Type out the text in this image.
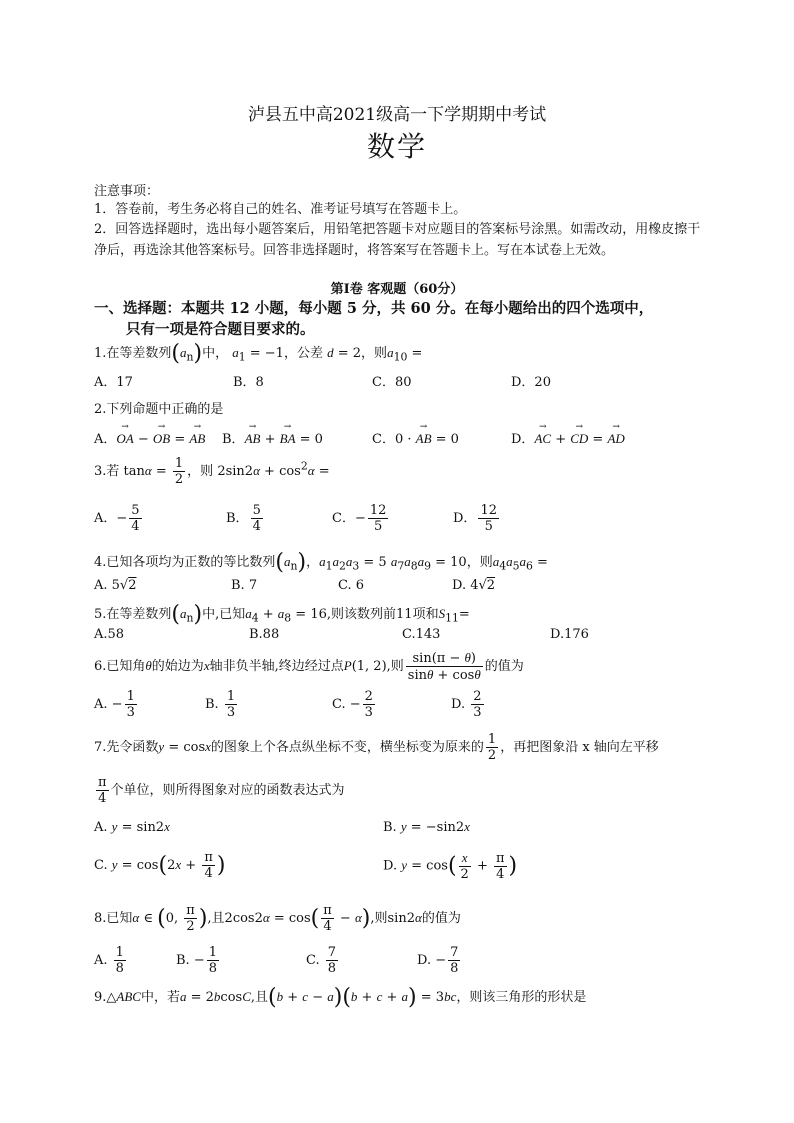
泸县五中高2021级高一下学期期中考试
数学
注意事项：
1．答卷前，考生务必将自己的姓名、准考证号填写在答题卡上。
2．回答选择题时，选出每小题答案后，用铅笔把答题卡对应题目的答案标号涂黑。如需改动，用橡皮擦干净后，再选涂其他答案标号。回答非选择题时，将答案写在答题卡上。写在本试卷上无效。
第Ⅰ卷 客观题（60分）
一、选择题：本题共 12 小题，每小题 5 分，共 60 分。在每小题给出的四个选项中，
只有一项是符合题目要求的。
1.在等差数列$(a_n)$中， $a_1 = -1$，公差 d = 2，则$a_{10}$ =
A．17	B．8	C．80	D．20
2.下列命题中正确的是
A．→ OA − → OB = → AB B．→ AB + → BA = 0	C．0 · → AB = 0	D．→ AC + → CD = → AD
3.若 $\tan\alpha = \frac{1}{2}$ ，则 $2\sin 2\alpha + \cos^2\alpha$ =
A．− $\frac{5}{4}$	B． $\frac{5}{4}$	C．− $\frac{12}{5}$	D． $\frac{12}{5}$
4.已知各项均为正数的等比数列$(a_n)$，$a_1a_2a_3 = 5$ $a_7a_8a_9 = 10$，则$a_4a_5a_6$ =
A. 5√2	B. 7	C. 6	D. 4√2
5.在等差数列$(a_n)$中,已知$a_4 + a_8 = 16$,则该数列前11项和$S_{11}=$
A.58	B.88	C.143	D.176
6.已知角θ的始边为x轴非负半轴,终边经过点P(1, 2),则 $\frac{\sin(\pi - \theta)}{\sin\theta + \cos\theta}$ 的值为
A. − $\frac{1}{3}$	B. $\frac{1}{3}$	C. − $\frac{2}{3}$	D. $\frac{2}{3}$
7.先令函数y = cosx的图象上个各点纵坐标不变，横坐标变为原来的 $\frac{1}{2}$ ，再把图象沿 x 轴向左平移
$\frac{\pi}{4}$ 个单位，则所得图象对应的函数表达式为
A. y = sin2x	B. y = −sin2x
C. $y = \cos(2x + \frac{\pi}{4}$ )	D. $y = \cos( \frac{x}{2} + \frac{\pi}{4}$ )
8.已知α ∈ (0, $\frac{\pi}{2}$ ),且$2\cos 2\alpha = \cos( \frac{\pi}{4} - \alpha)$,则sin2α的值为
A. $\frac{1}{8}$	B. − $\frac{1}{8}$	C. $\frac{7}{8}$	D. − $\frac{7}{8}$
9.△ABC中，若a = 2bcosC,且(b + c − a)(b + c + a) = 3bc，则该三角形的形状是
